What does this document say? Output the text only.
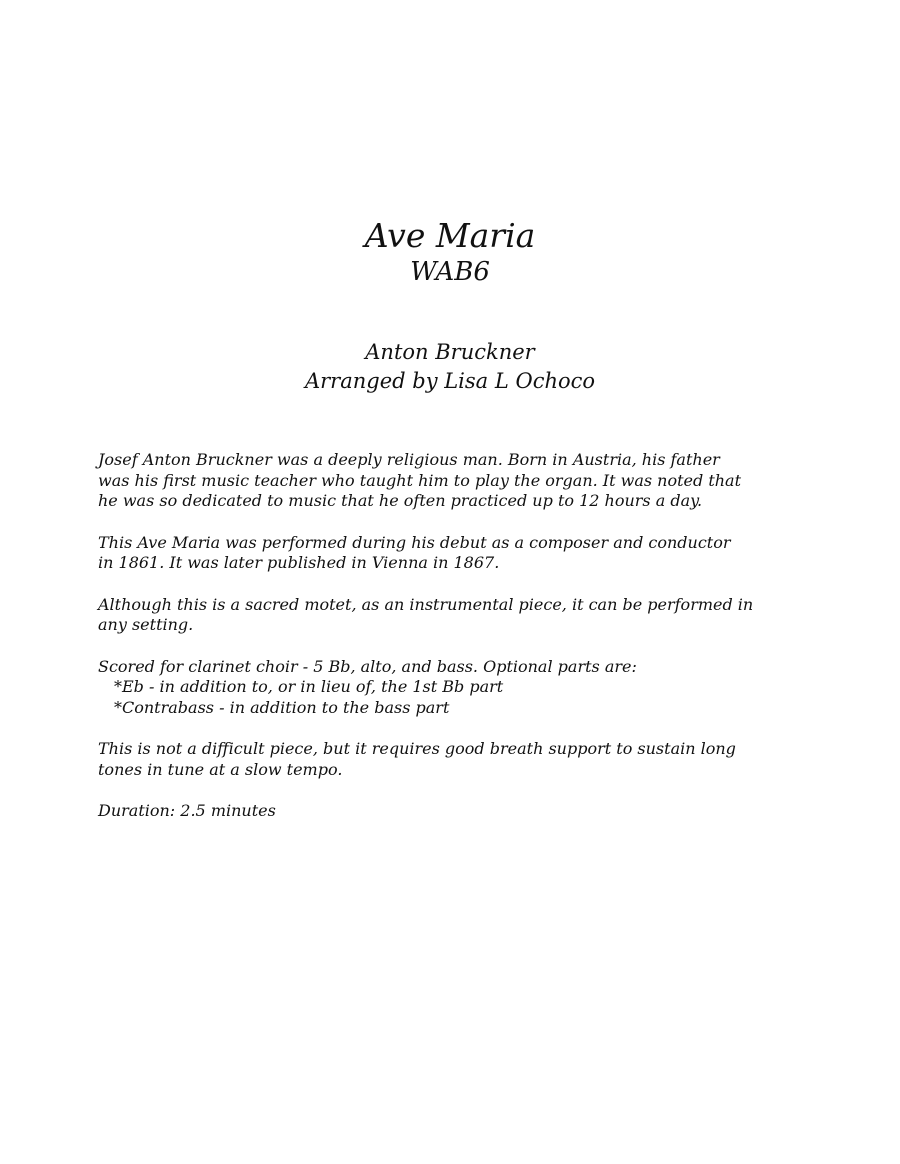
Ave Maria
WAB6
Anton Bruckner
Arranged by Lisa L Ochoco

Josef Anton Bruckner was a deeply religious man. Born in Austria, his father
was his first music teacher who taught him to play the organ. It was noted that
he was so dedicated to music that he often practiced up to 12 hours a day.

This Ave Maria was performed during his debut as a composer and conductor
in 1861. It was later published in Vienna in 1867.

Although this is a sacred motet, as an instrumental piece, it can be performed in
any setting.

Scored for clarinet choir - 5 Bb, alto, and bass. Optional parts are:
*Eb - in addition to, or in lieu of, the 1st Bb part
*Contrabass - in addition to the bass part

This is not a difficult piece, but it requires good breath support to sustain long
tones in tune at a slow tempo.

Duration: 2.5 minutes
